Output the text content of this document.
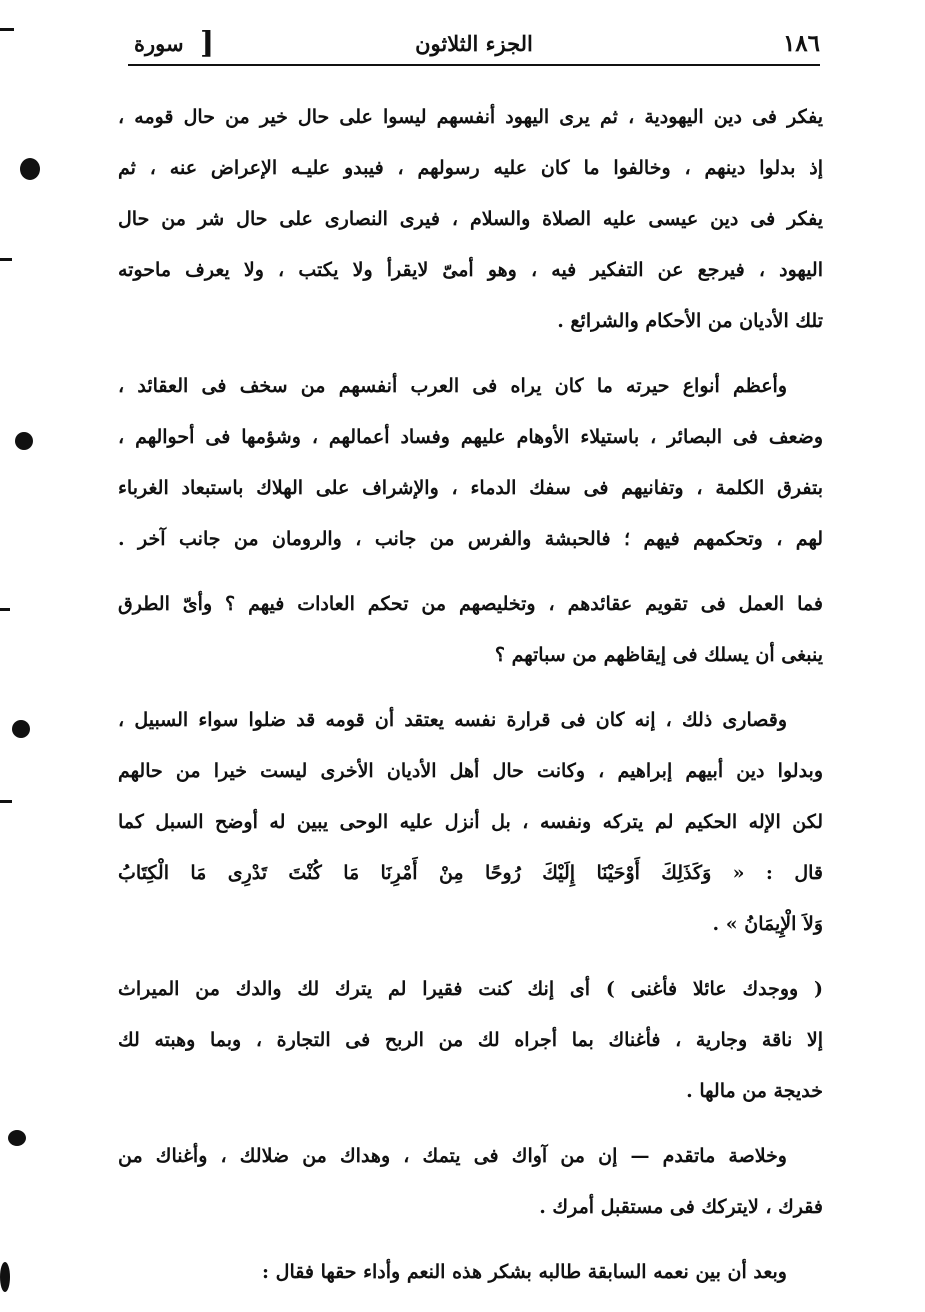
١٨٦
الجزء الثلاثون
[
سورة
يفكر فى دين اليهودية ، ثم يرى اليهود أنفسهم ليسوا على حال خير من حال قومه ،
إذ بدلوا دينهم ، وخالفوا ما كان عليه رسولهم ، فيبدو عليـه الإعراض عنه ، ثم
يفكر فى دين عيسى عليه الصلاة والسلام ، فيرى النصارى على حال شر من حال
اليهود ، فيرجع عن التفكير فيه ، وهو أمىّ لايقرأ ولا يكتب ، ولا يعرف ماحوته
تلك الأديان من الأحكام والشرائع .
وأعظم أنواع حيرته ما كان يراه فى العرب أنفسهم من سخف فى العقائد ،
وضعف فى البصائر ، باستيلاء الأوهام عليهم وفساد أعمالهم ، وشؤمها فى أحوالهم ،
بتفرق الكلمة ، وتفانيهم فى سفك الدماء ، والإشراف على الهلاك باستبعاد الغرباء
لهم ، وتحكمهم فيهم ؛ فالحبشة والفرس من جانب ، والرومان من جانب آخر .
فما العمل فى تقويم عقائدهم ، وتخليصهم من تحكم العادات فيهم ؟ وأىّ الطرق
ينبغى أن يسلك فى إيقاظهم من سباتهم ؟
وقصارى ذلك ، إنه كان فى قرارة نفسه يعتقد أن قومه قد ضلوا سواء السبيل ،
وبدلوا دين أبيهم إبراهيم ، وكانت حال أهل الأديان الأخرى ليست خيرا من حالهم
لكن الإله الحكيم لم يتركه ونفسه ، بل أنزل عليه الوحى يبين له أوضح السبل كما
قال : « وَكَذَلِكَ أَوْحَيْنَا إِلَيْكَ رُوحًا مِنْ أَمْرِنَا مَا كُنْتَ تَدْرِى مَا الْكِتَابُ
وَلاَ الْإِيمَانُ » .
( ووجدك عائلا فأغنى ) أى إنك كنت فقيرا لم يترك لك والدك من الميراث
إلا ناقة وجارية ، فأغناك بما أجراه لك من الربح فى التجارة ، وبما وهبته لك
خديجة من مالها .
وخلاصة ماتقدم — إن من آواك فى يتمك ، وهداك من ضلالك ، وأغناك من
فقرك ، لايتركك فى مستقبل أمرك .
وبعد أن بين نعمه السابقة طالبه بشكر هذه النعم وأداء حقها فقال :
